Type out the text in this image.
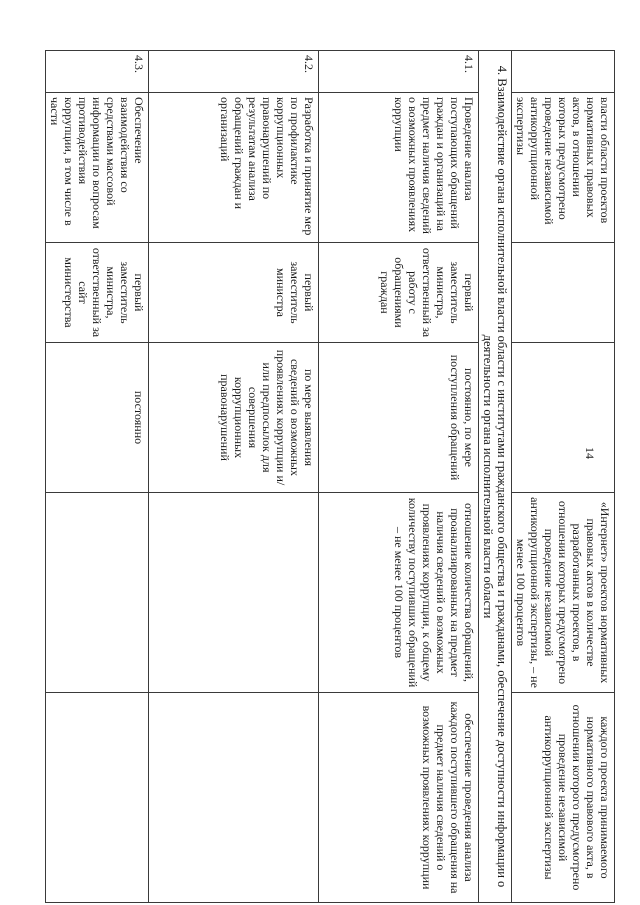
14
	власти области проектов нормативных правовых актов, в отношении которых предусмотрено проведение независимой антикоррупционной экспертизы			«Интернет» проектов нормативных правовых актов в количестве разработанных проектов, в отношении которых предусмотрено проведение независимой антикоррупционной экспертизы, – не менее 100 процентов	каждого проекта принимаемого нормативного правового акта, в отношении которого предусмотрено проведение независимой антикоррупционной экспертизы
4. Взаимодействие органа исполнительной власти области с институтами гражданского общества и гражданами, обеспечение доступности информации о деятельности органа исполнительной власти области					
4.1.	Проведение анализа поступающих обращений граждан и организаций на предмет наличия сведений о возможных проявлениях коррупции	первый заместитель министра, ответственный за работу с обращениями граждан	постоянно, по мере поступления обращений	отношение количества обращений, проанализированных на предмет наличия сведений о возможных проявлениях коррупции, к общему количеству поступивших обращений – не менее 100 процентов	обеспечение проведения анализа каждого поступившего обращения на предмет наличия сведений о возможных проявлениях коррупции
4.2.	Разработка и принятие мер по профилактике коррупционных правонарушений по результатам анализа обращений граждан и организаций	первый заместитель министра	по мере выявления сведений о возможных проявлениях коррупции и/или предпосылок для совершения коррупционных правонарушений		
4.3.	Обеспечение взаимодействия со средствами массовой информации по вопросам противодействия коррупции, в том числе в части	первый заместитель министра, ответственный за сайт министерства	постоянно		
